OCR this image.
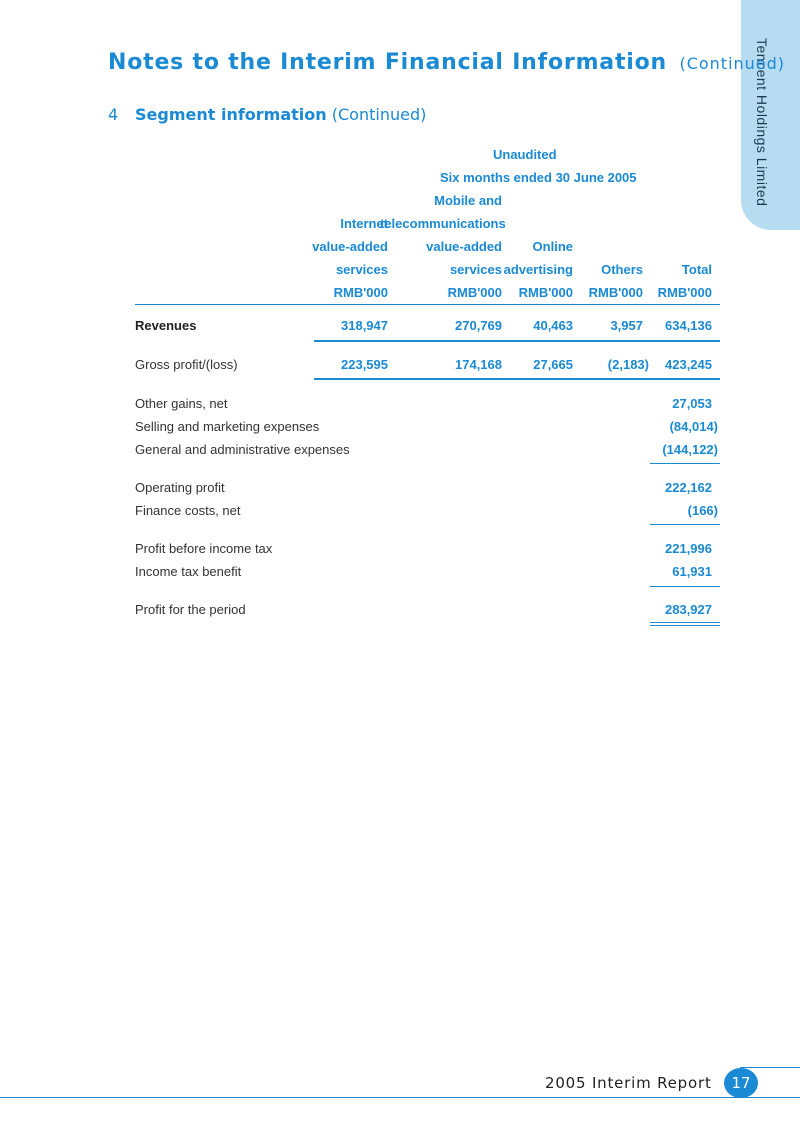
Tencent Holdings Limited
Notes to the Interim Financial Information (Continued)
4 Segment information (Continued)
Unaudited
Six months ended 30 June 2005
Internet
value-added
services
RMB'000
Mobile and
telecommunications
value-added
services
RMB'000
Online
advertising
RMB'000
Others
RMB'000
Total
RMB'000
Revenues	318,947	270,769	40,463	3,957	634,136
Gross profit/(loss)	223,595	174,168	27,665	(2,183)	423,245
Other gains, net	27,053
Selling and marketing expenses	(84,014)
General and administrative expenses	(144,122)
Operating profit	222,162
Finance costs, net	(166)
Profit before income tax	221,996
Income tax benefit	61,931
Profit for the period	283,927
2005 Interim Report	17
